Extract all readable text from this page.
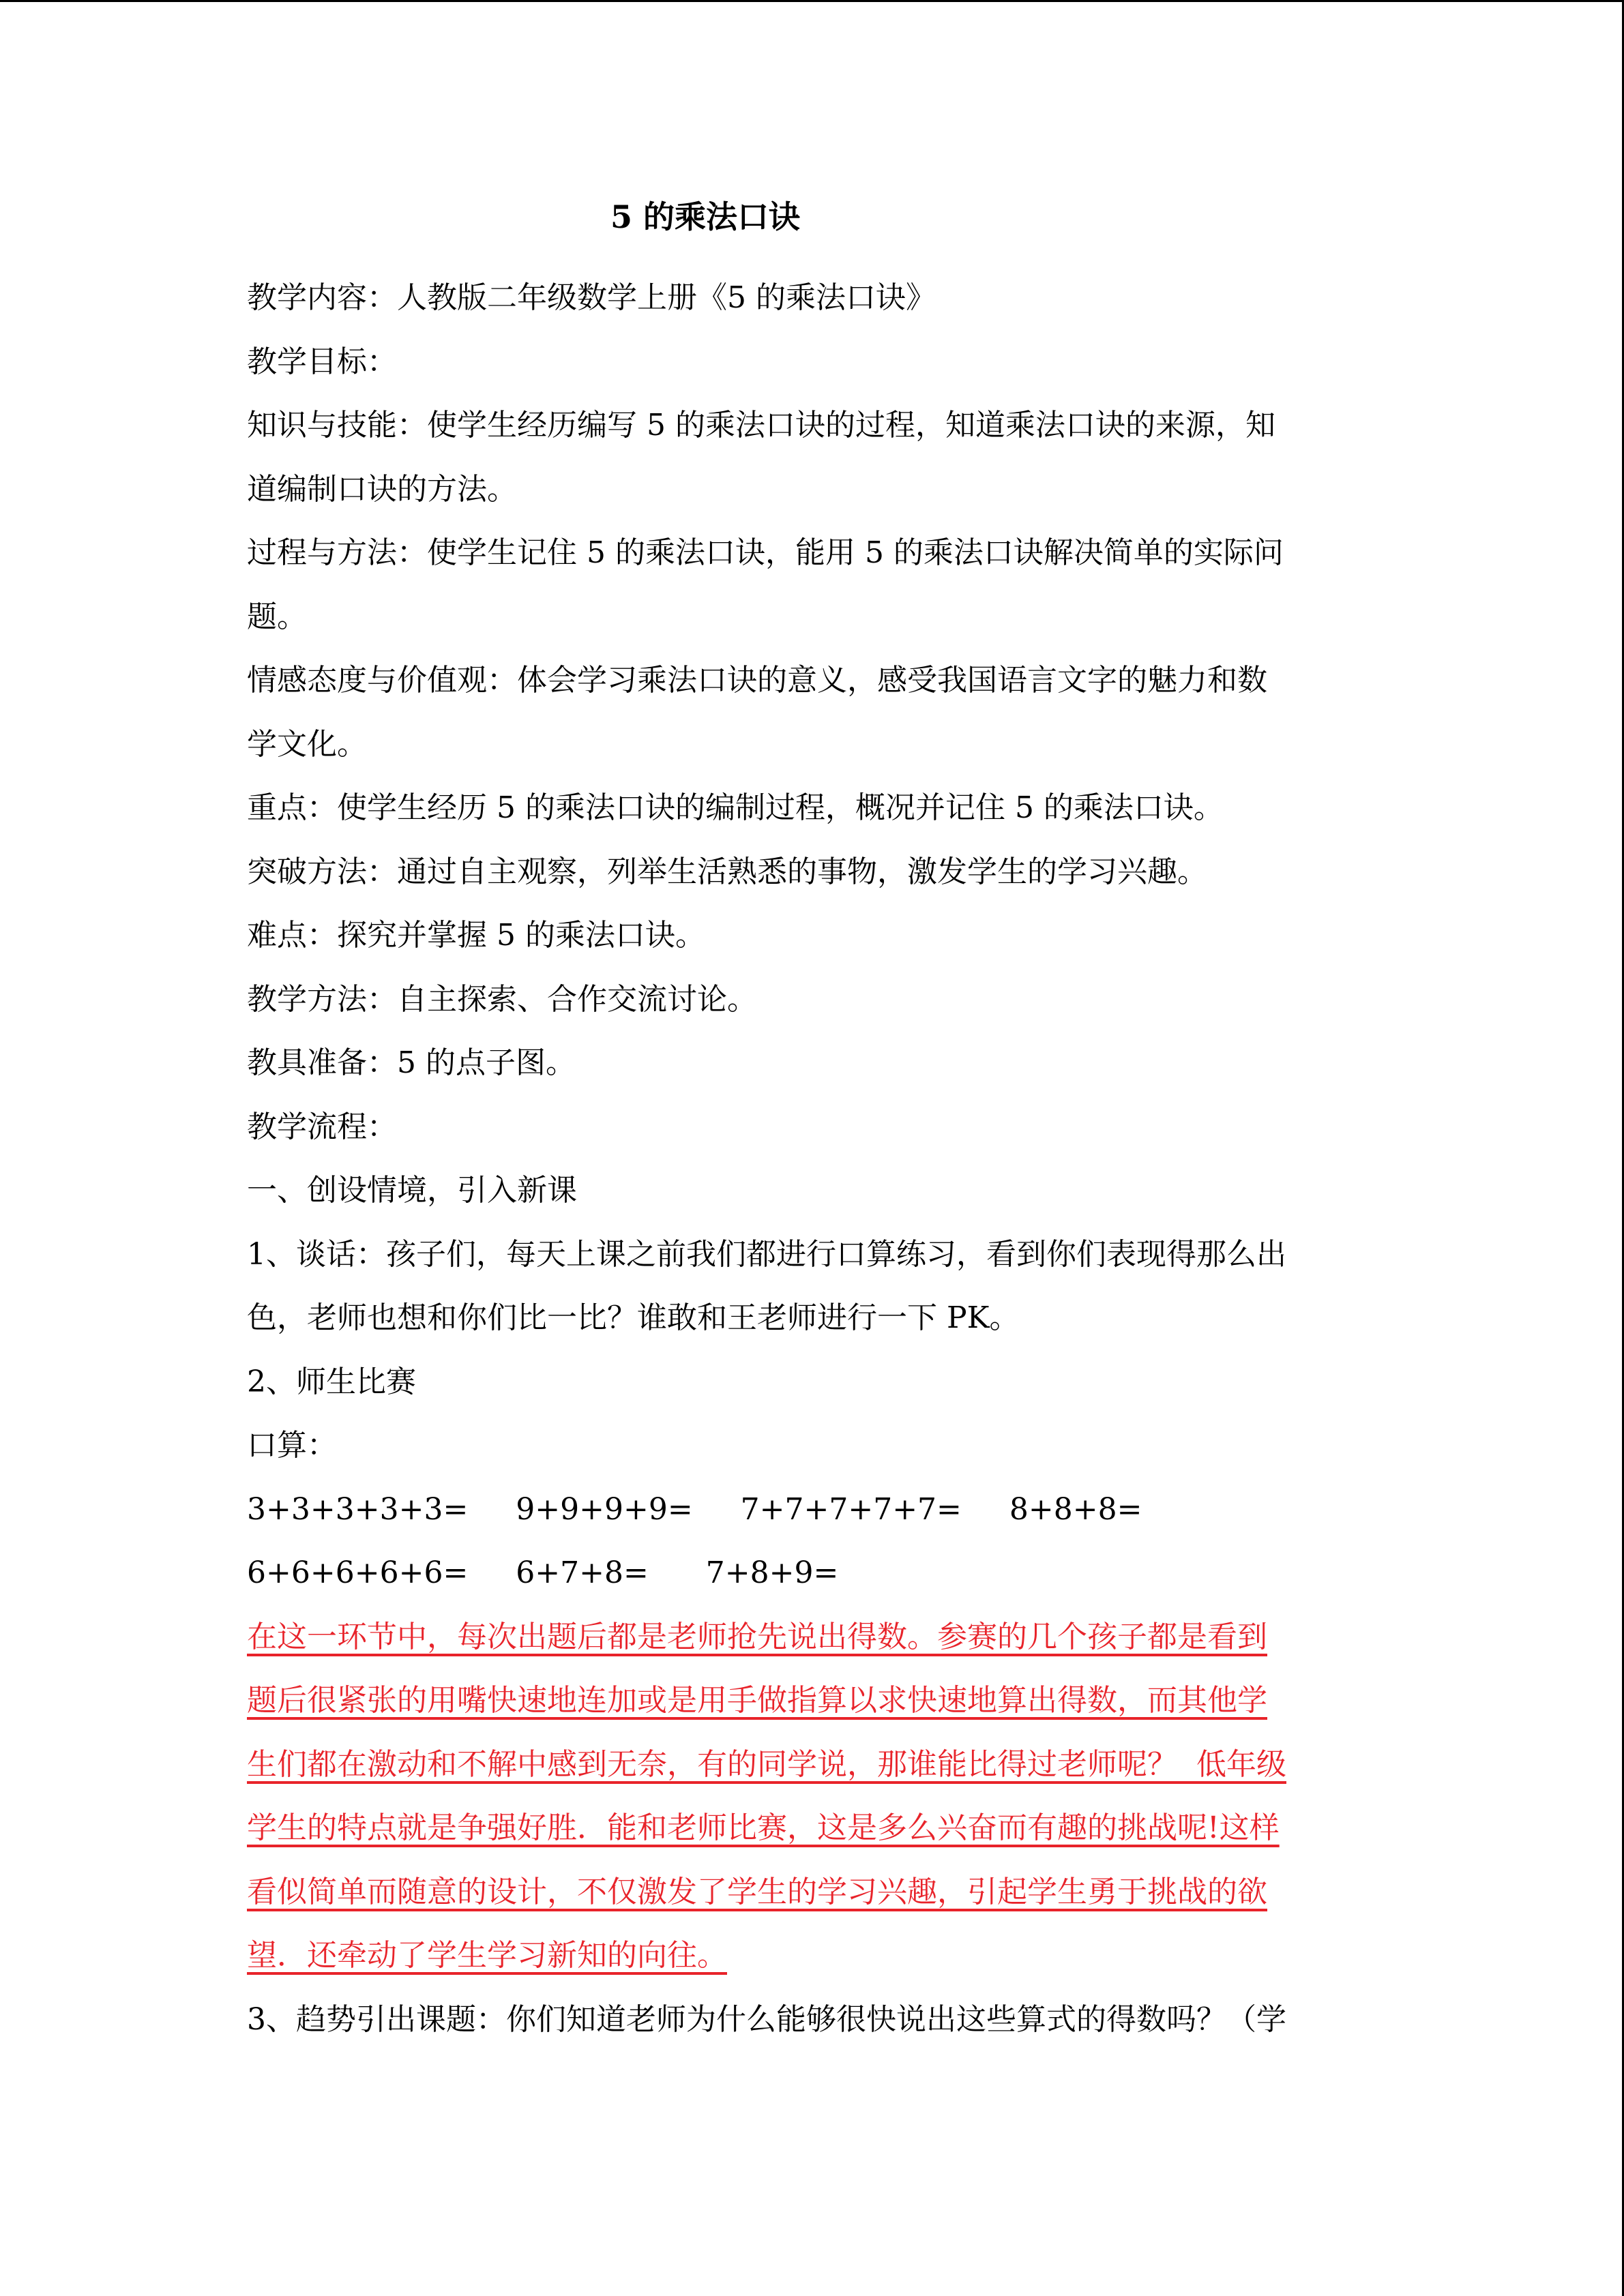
5 的乘法口诀

教学内容：人教版二年级数学上册《5 的乘法口诀》

教学目标：

知识与技能：使学生经历编写 5 的乘法口诀的过程，知道乘法口诀的来源，知

道编制口诀的方法。

过程与方法：使学生记住 5 的乘法口诀，能用 5 的乘法口诀解决简单的实际问

题。

情感态度与价值观：体会学习乘法口诀的意义，感受我国语言文字的魅力和数

学文化。

重点：使学生经历 5 的乘法口诀的编制过程，概况并记住 5 的乘法口诀。

突破方法：通过自主观察，列举生活熟悉的事物，激发学生的学习兴趣。

难点：探究并掌握 5 的乘法口诀。

教学方法：自主探索、合作交流讨论。

教具准备：5 的点子图。

教学流程：

一、创设情境，引入新课

1、谈话：孩子们，每天上课之前我们都进行口算练习，看到你们表现得那么出

色，老师也想和你们比一比？谁敢和王老师进行一下 PK。

2、师生比赛

口算：

3+3+3+3+3=     9+9+9+9=     7+7+7+7+7=     8+8+8=

6+6+6+6+6=     6+7+8=      7+8+9=

在这一环节中，每次出题后都是老师抢先说出得数。参赛的几个孩子都是看到

题后很紧张的用嘴快速地连加或是用手做指算以求快速地算出得数，而其他学

生们都在激动和不解中感到无奈，有的同学说，那谁能比得过老师呢？  低年级

学生的特点就是争强好胜．能和老师比赛，这是多么兴奋而有趣的挑战呢!这样

看似简单而随意的设计，不仅激发了学生的学习兴趣，引起学生勇于挑战的欲

望．还牵动了学生学习新知的向往。

3、趋势引出课题：你们知道老师为什么能够很快说出这些算式的得数吗？（学
